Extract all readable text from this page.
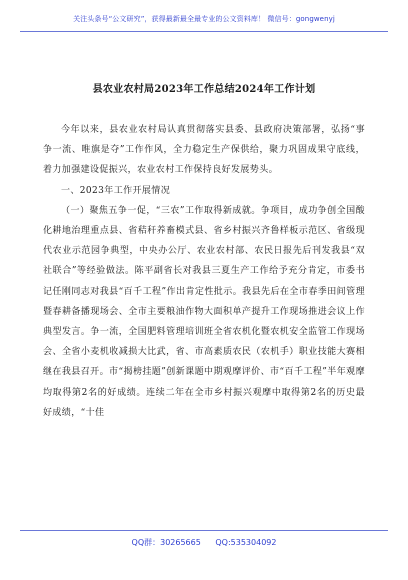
关注头条号“公文研究”，获得最新最全最专业的公文资料库！ 微信号：gongwenyj
县农业农村局2023年工作总结2024年工作计划

今年以来，县农业农村局认真贯彻落实县委、县政府决策部署，弘扬“事争一流、唯旗是夺”工作作风，全力稳定生产保供给，聚力巩固成果守底线，着力加强建设促振兴，农业农村工作保持良好发展势头。

一、2023年工作开展情况

（一）聚焦五争一促，“三农”工作取得新成就。争项目，成功争创全国酸化耕地治理重点县、省秸秆养畜模式县、省乡村振兴齐鲁样板示范区、省级现代农业示范园争典型，中央办公厅、农业农村部、农民日报先后刊发我县“双社联合”等经验做法。陈平副省长对我县三夏生产工作给予充分肯定，市委书记任刚同志对我县“百千工程”作出肯定性批示。我县先后在全市春季田间管理暨春耕备播现场会、全市主要粮油作物大面积单产提升工作现场推进会议上作典型发言。争一流，全国肥料管理培训班全省农机化暨农机安全监管工作现场会、全省小麦机收减损大比武，省、市高素质农民（农机手）职业技能大赛相继在我县召开。市“揭榜挂题”创新课题中期观摩评价、市“百千工程”半年观摩均取得第2名的好成绩。连续二年在全市乡村振兴观摩中取得第2名的历史最好成绩，“十佳

QQ群：30265665 QQ:535304092
